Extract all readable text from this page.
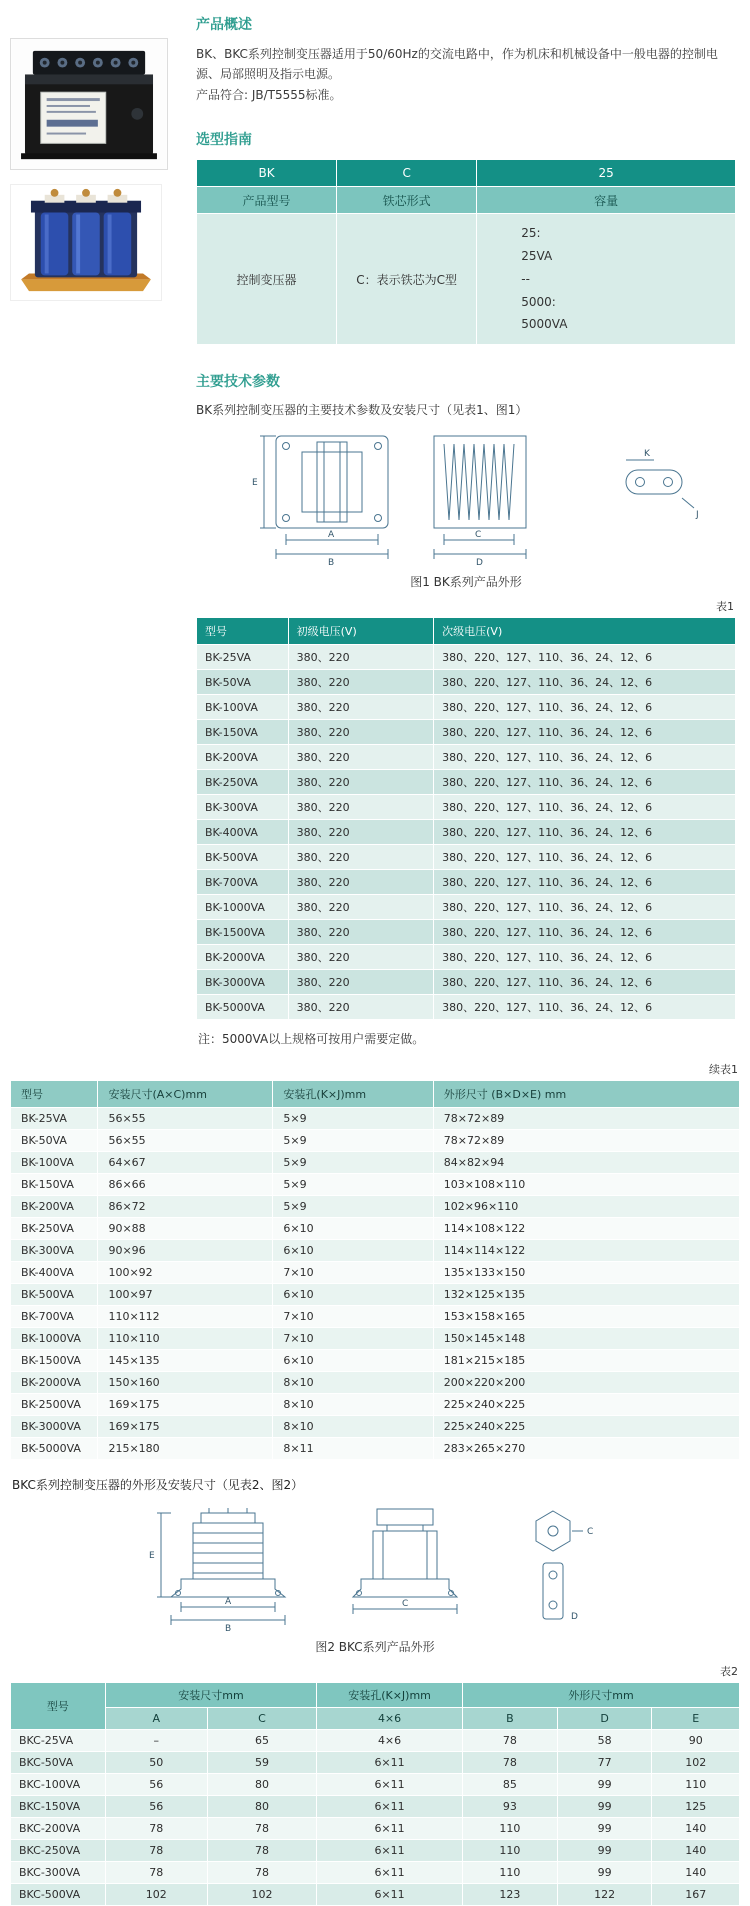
产品概述

BK、BKC系列控制变压器适用于50/60Hz的交流电路中，作为机床和机械设备中一般电器的控制电源、局部照明及指示电源。

产品符合: JB/T5555标准。

选型指南
BK	C	25
产品型号	铁芯形式	容量
控制变压器	C：表示铁芯为C型	25:
25VA
--
5000:
5000VA
主要技术参数

BK系列控制变压器的主要技术参数及安装尺寸（见表1、图1）

E
A
B
C
D
K
J
图1 BK系列产品外形
表1
型号	初级电压(V)	次级电压(V)
BK-25VA	380、220	380、220、127、110、36、24、12、6
BK-50VA	380、220	380、220、127、110、36、24、12、6
BK-100VA	380、220	380、220、127、110、36、24、12、6
BK-150VA	380、220	380、220、127、110、36、24、12、6
BK-200VA	380、220	380、220、127、110、36、24、12、6
BK-250VA	380、220	380、220、127、110、36、24、12、6
BK-300VA	380、220	380、220、127、110、36、24、12、6
BK-400VA	380、220	380、220、127、110、36、24、12、6
BK-500VA	380、220	380、220、127、110、36、24、12、6
BK-700VA	380、220	380、220、127、110、36、24、12、6
BK-1000VA	380、220	380、220、127、110、36、24、12、6
BK-1500VA	380、220	380、220、127、110、36、24、12、6
BK-2000VA	380、220	380、220、127、110、36、24、12、6
BK-3000VA	380、220	380、220、127、110、36、24、12、6
BK-5000VA	380、220	380、220、127、110、36、24、12、6

注：5000VA以上规格可按用户需要定做。

续表1
型号	安装尺寸(A×C)mm	安装孔(K×J)mm	外形尺寸 (B×D×E) mm
BK-25VA	56×55	5×9	78×72×89
BK-50VA	56×55	5×9	78×72×89
BK-100VA	64×67	5×9	84×82×94
BK-150VA	86×66	5×9	103×108×110
BK-200VA	86×72	5×9	102×96×110
BK-250VA	90×88	6×10	114×108×122
BK-300VA	90×96	6×10	114×114×122
BK-400VA	100×92	7×10	135×133×150
BK-500VA	100×97	6×10	132×125×135
BK-700VA	110×112	7×10	153×158×165
BK-1000VA	110×110	7×10	150×145×148
BK-1500VA	145×135	6×10	181×215×185
BK-2000VA	150×160	8×10	200×220×200
BK-2500VA	169×175	8×10	225×240×225
BK-3000VA	169×175	8×10	225×240×225
BK-5000VA	215×180	8×11	283×265×270

BKC系列控制变压器的外形及安装尺寸（见表2、图2）

E
A
B
C
C
D
图2 BKC系列产品外形
表2
型号	安装尺寸mm		安装孔(K×J)mm	外形尺寸mm		
	A	C	4×6	B	D	E
BKC-25VA	–	65	4×6	78	58	90
BKC-50VA	50	59	6×11	78	77	102
BKC-100VA	56	80	6×11	85	99	110
BKC-150VA	56	80	6×11	93	99	125
BKC-200VA	78	78	6×11	110	99	140
BKC-250VA	78	78	6×11	110	99	140
BKC-300VA	78	78	6×11	110	99	140
BKC-500VA	102	102	6×11	123	122	167
